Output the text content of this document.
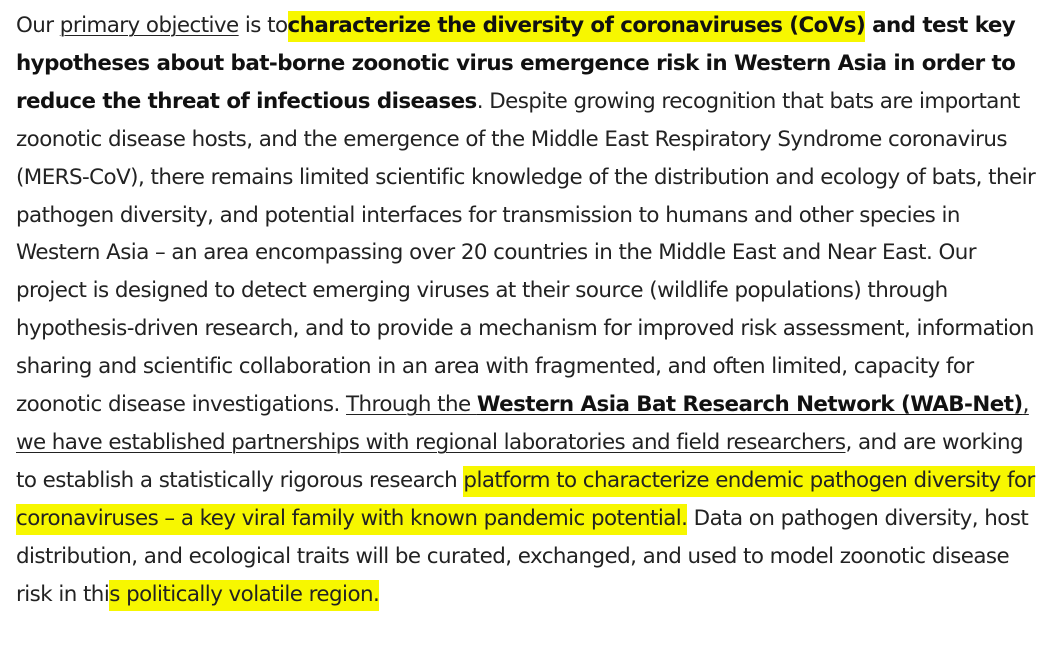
Our primary objective is tocharacterize the diversity of coronaviruses (CoVs) and test key hypotheses about bat-borne zoonotic virus emergence risk in Western Asia in order to reduce the threat of infectious diseases. Despite growing recognition that bats are important zoonotic disease hosts, and the emergence of the Middle East Respiratory Syndrome coronavirus (MERS-CoV), there remains limited scientific knowledge of the distribution and ecology of bats, their pathogen diversity, and potential interfaces for transmission to humans and other species in Western Asia – an area encompassing over 20 countries in the Middle East and Near East. Our project is designed to detect emerging viruses at their source (wildlife populations) through hypothesis-driven research, and to provide a mechanism for improved risk assessment, information sharing and scientific collaboration in an area with fragmented, and often limited, capacity for zoonotic disease investigations. Through the Western Asia Bat Research Network (WAB-Net), we have established partnerships with regional laboratories and field researchers, and are working to establish a statistically rigorous research platform to characterize endemic pathogen diversity for coronaviruses – a key viral family with known pandemic potential. Data on pathogen diversity, host distribution, and ecological traits will be curated, exchanged, and used to model zoonotic disease risk in this politically volatile region.
